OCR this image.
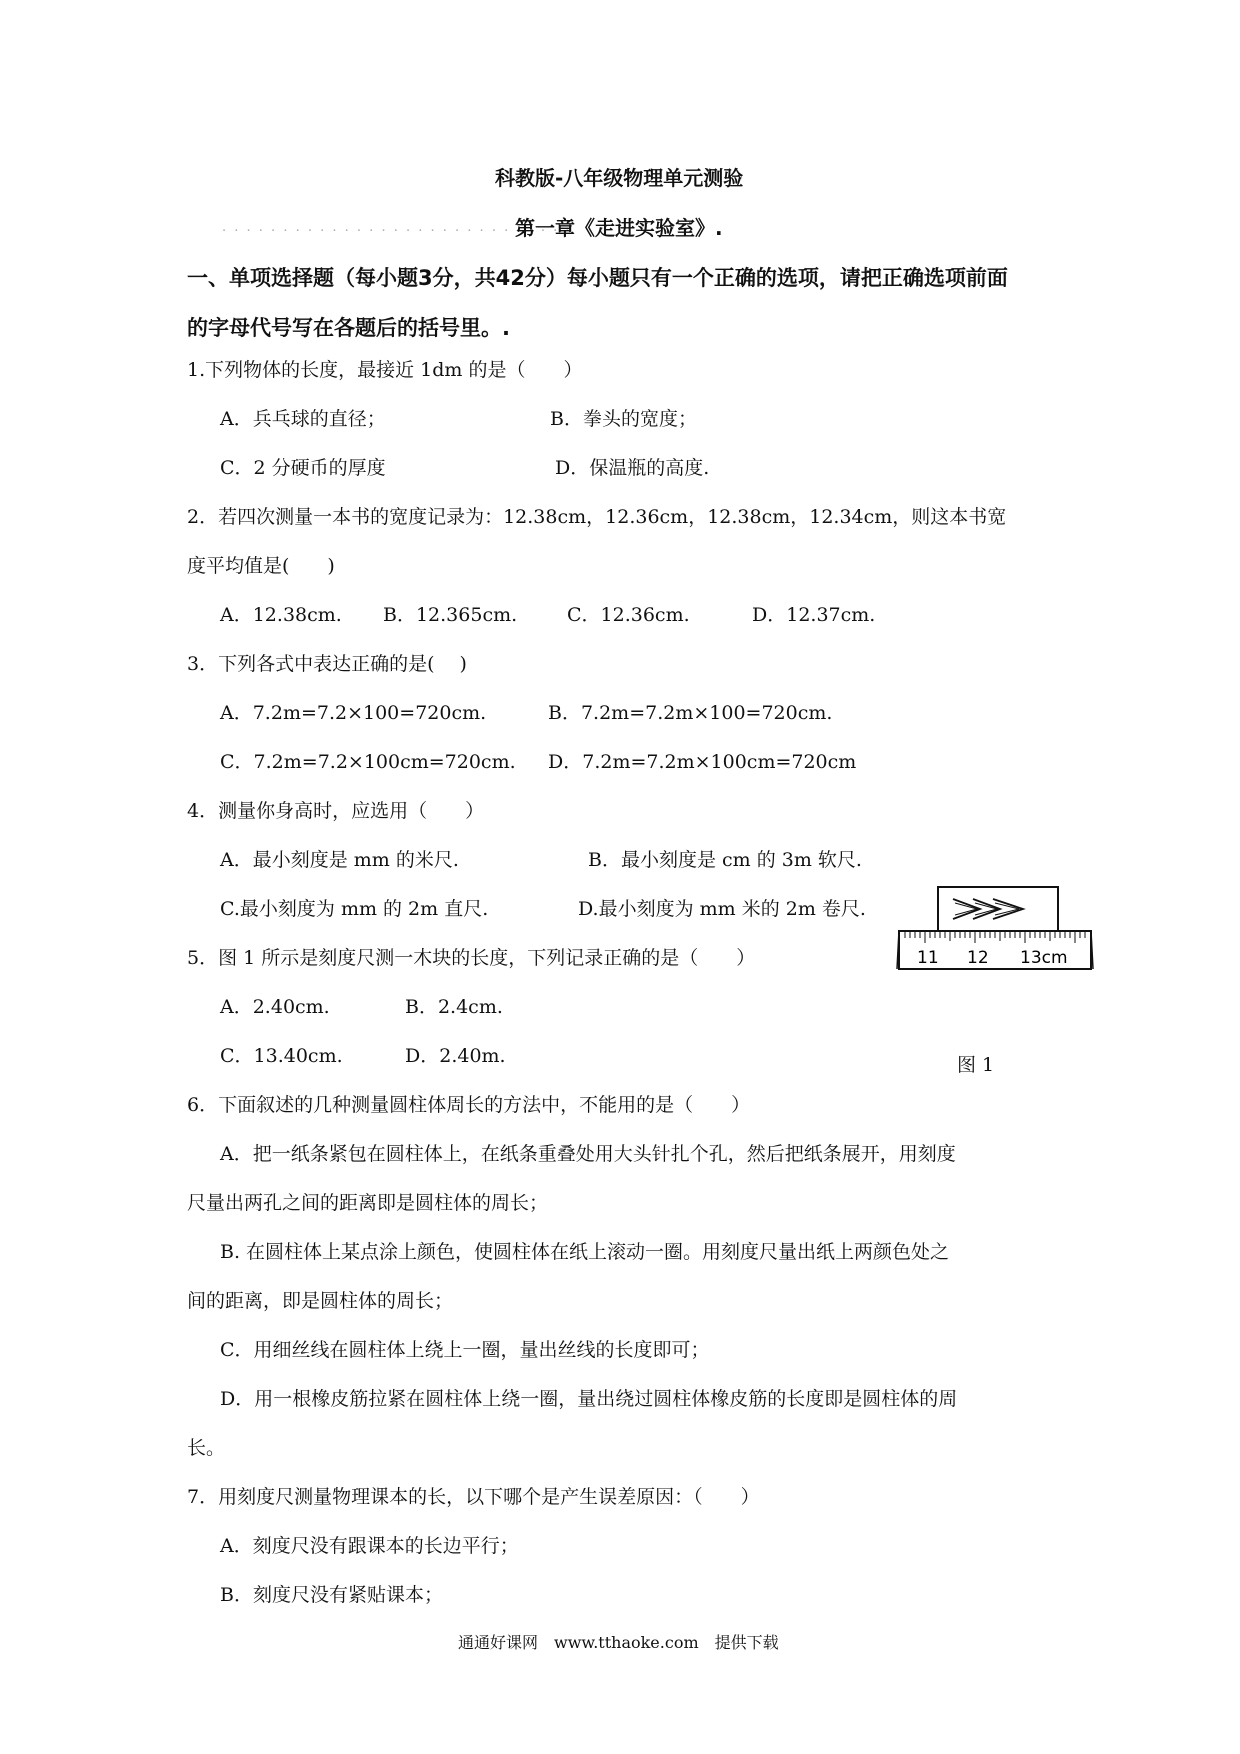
科教版-八年级物理单元测验
. . . . . . . . . . . . . . . . . . . . . . . . . . . . .
第一章《走进实验室》.
一、单项选择题（每小题3分，共42分）每小题只有一个正确的选项，请把正确选项前面
的字母代号写在各题后的括号里。.
1.下列物体的长度，最接近 1dm 的是（　　）
A．兵乓球的直径；	B．拳头的宽度；
C．2 分硬币的厚度	D．保温瓶的高度.
2．若四次测量一本书的宽度记录为：12.38cm，12.36cm，12.38cm，12.34cm，则这本书宽
度平均值是(　　)
A．12.38cm. B．12.365cm.	C．12.36cm.	D．12.37cm.
3．下列各式中表达正确的是(　 )
A．7.2m=7.2×100=720cm.	B．7.2m=7.2m×100=720cm.
C．7.2m=7.2×100cm=720cm. D．7.2m=7.2m×100cm=720cm
4．测量你身高时，应选用（　　）
A．最小刻度是 mm 的米尺.	B．最小刻度是 cm 的 3m 软尺.
C.最小刻度为 mm 的 2m 直尺.	D.最小刻度为 mm 米的 2m 卷尺.
11 12 13cm
5．图 1 所示是刻度尺测一木块的长度，下列记录正确的是（　　）
A．2.40cm.	B．2.4cm.
C．13.40cm.	D．2.40m.	图 1
6．下面叙述的几种测量圆柱体周长的方法中，不能用的是（　　）
A．把一纸条紧包在圆柱体上，在纸条重叠处用大头针扎个孔，然后把纸条展开，用刻度
尺量出两孔之间的距离即是圆柱体的周长；
B. 在圆柱体上某点涂上颜色，使圆柱体在纸上滚动一圈。用刻度尺量出纸上两颜色处之
间的距离，即是圆柱体的周长；
C．用细丝线在圆柱体上绕上一圈，量出丝线的长度即可；
D．用一根橡皮筋拉紧在圆柱体上绕一圈，量出绕过圆柱体橡皮筋的长度即是圆柱体的周
长。
7．用刻度尺测量物理课本的长，以下哪个是产生误差原因：（　　）
A．刻度尺没有跟课本的长边平行；
B．刻度尺没有紧贴课本；
通通好课网　www.tthaoke.com　提供下载
